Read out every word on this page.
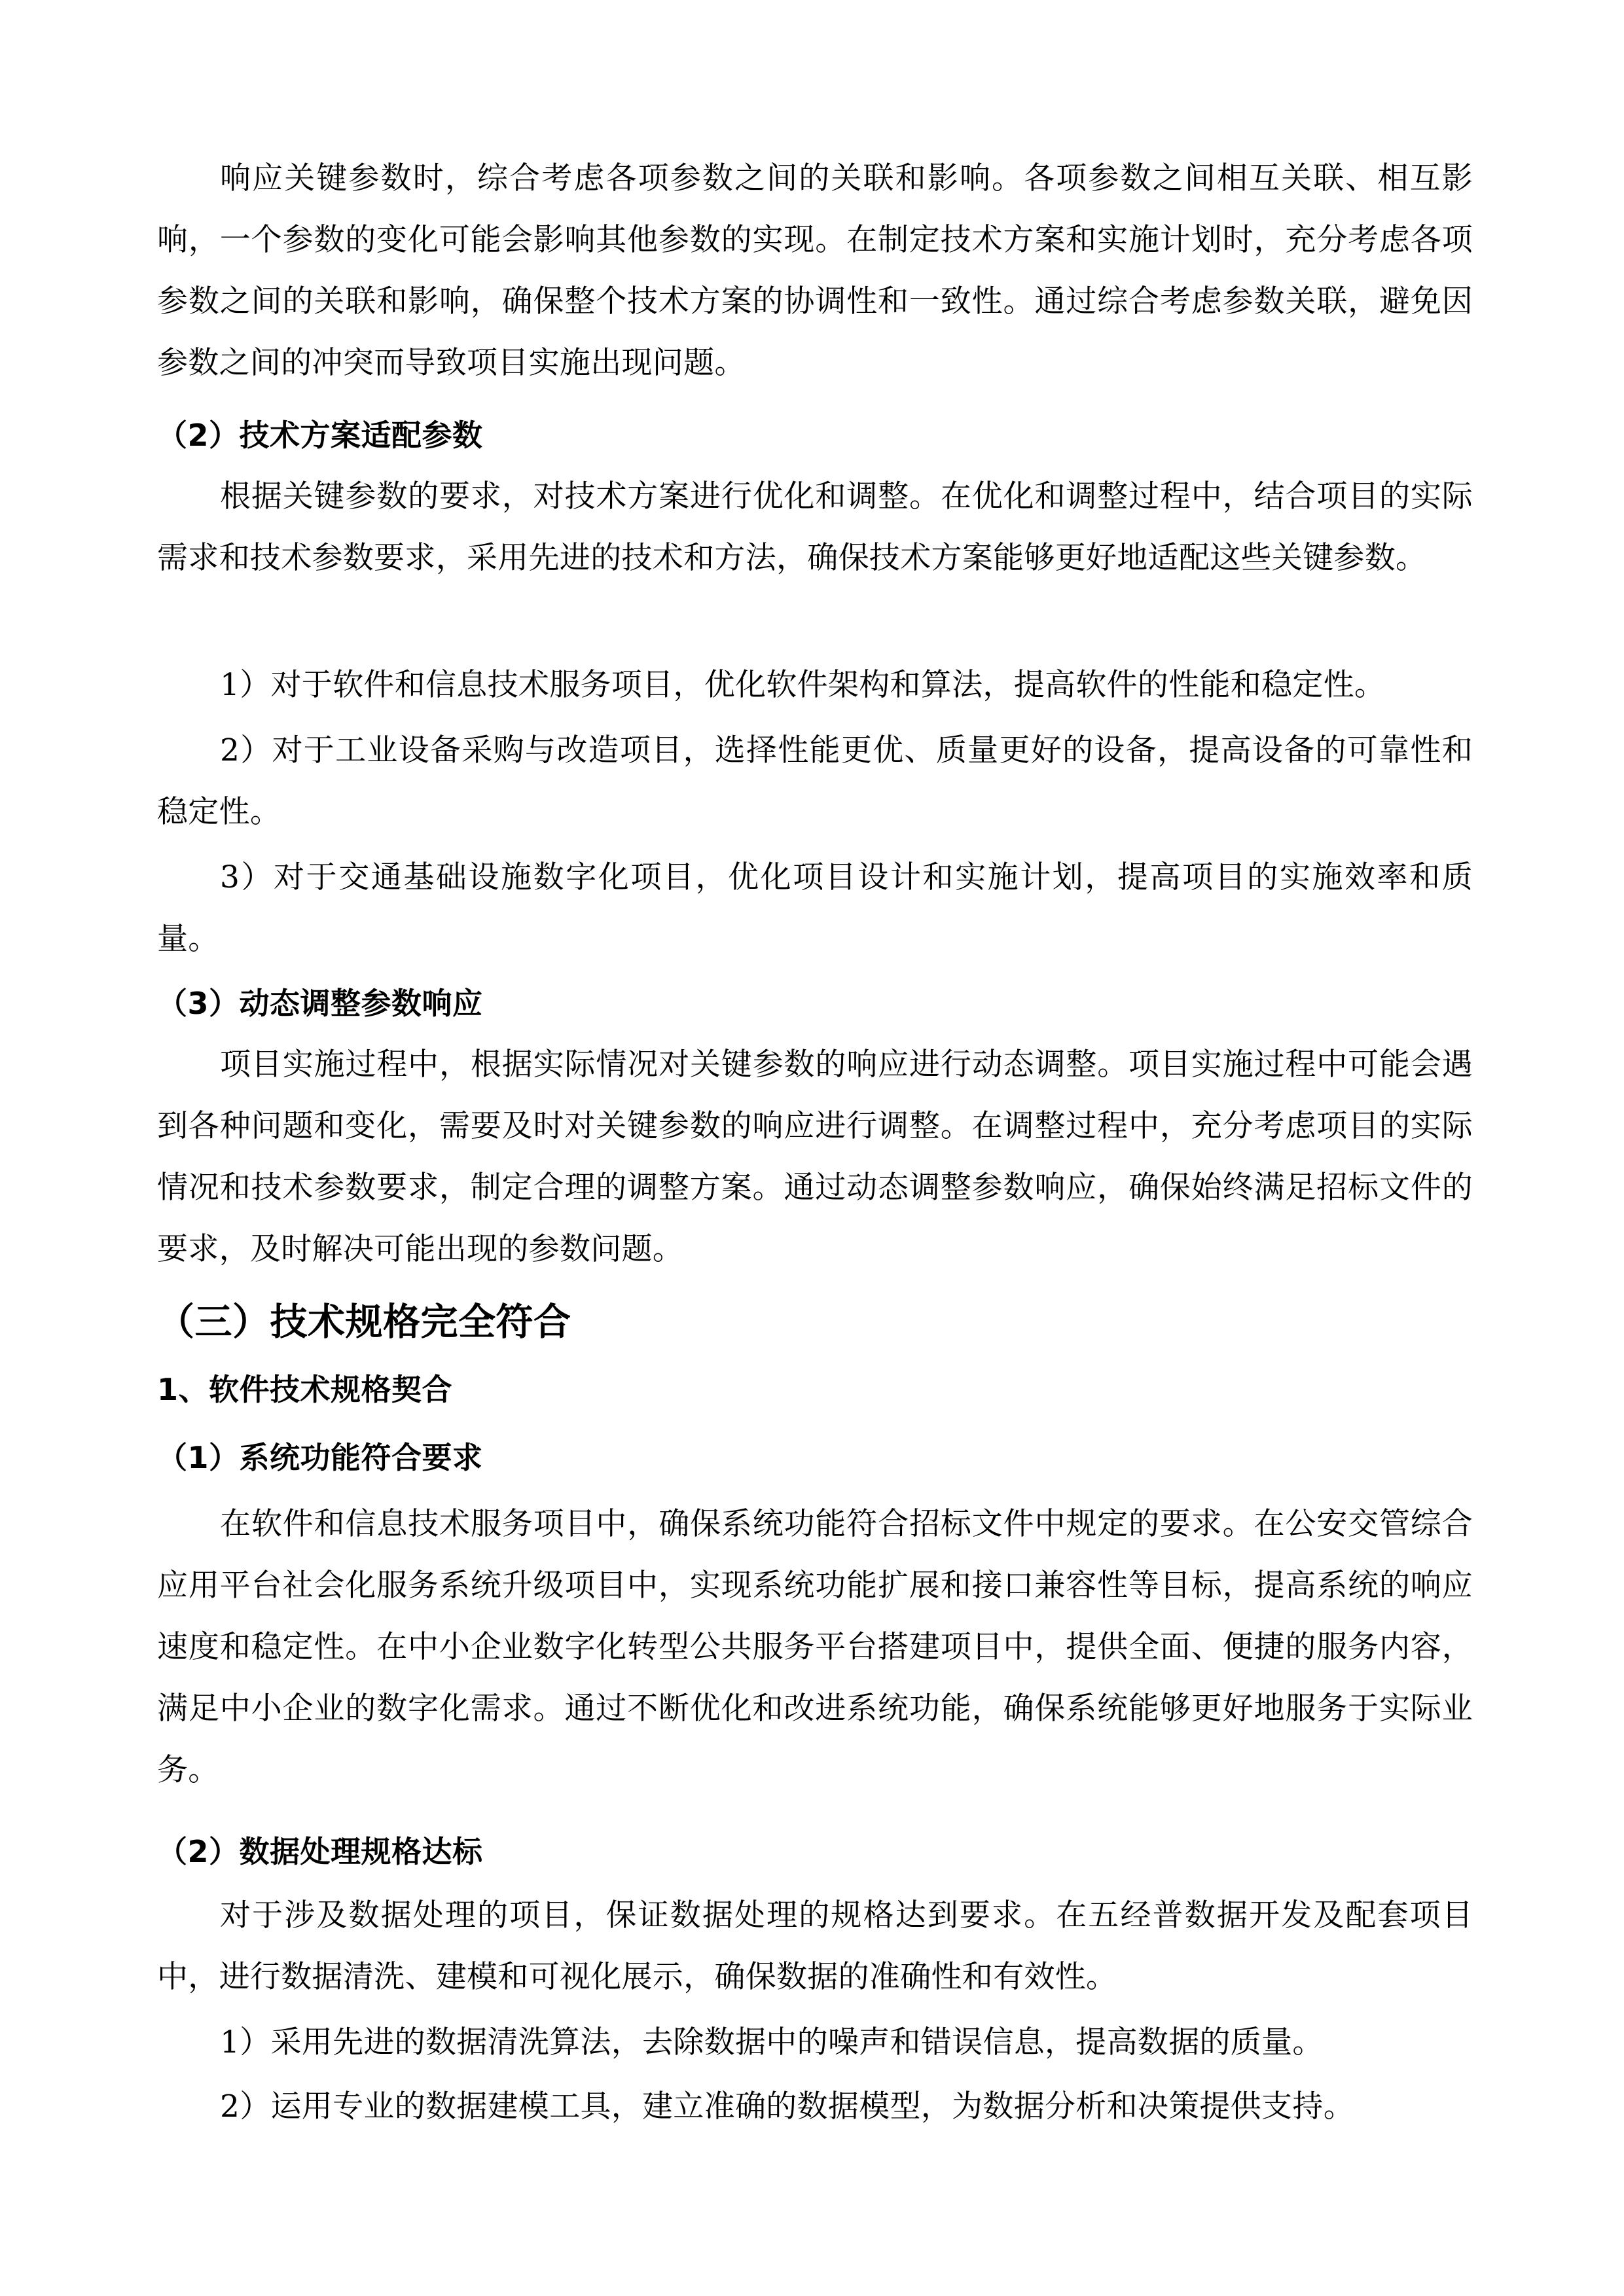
响应关键参数时，综合考虑各项参数之间的关联和影响。各项参数之间相互关联、相互影响，一个参数的变化可能会影响其他参数的实现。在制定技术方案和实施计划时，充分考虑各项参数之间的关联和影响，确保整个技术方案的协调性和一致性。通过综合考虑参数关联，避免因参数之间的冲突而导致项目实施出现问题。

（2）技术方案适配参数

根据关键参数的要求，对技术方案进行优化和调整。在优化和调整过程中，结合项目的实际需求和技术参数要求，采用先进的技术和方法，确保技术方案能够更好地适配这些关键参数。

1）对于软件和信息技术服务项目，优化软件架构和算法，提高软件的性能和稳定性。

2）对于工业设备采购与改造项目，选择性能更优、质量更好的设备，提高设备的可靠性和稳定性。

3）对于交通基础设施数字化项目，优化项目设计和实施计划，提高项目的实施效率和质量。

（3）动态调整参数响应

项目实施过程中，根据实际情况对关键参数的响应进行动态调整。项目实施过程中可能会遇到各种问题和变化，需要及时对关键参数的响应进行调整。在调整过程中，充分考虑项目的实际情况和技术参数要求，制定合理的调整方案。通过动态调整参数响应，确保始终满足招标文件的要求，及时解决可能出现的参数问题。

（三）技术规格完全符合
1、软件技术规格契合
（1）系统功能符合要求

在软件和信息技术服务项目中，确保系统功能符合招标文件中规定的要求。在公安交管综合应用平台社会化服务系统升级项目中，实现系统功能扩展和接口兼容性等目标，提高系统的响应速度和稳定性。在中小企业数字化转型公共服务平台搭建项目中，提供全面、便捷的服务内容，满足中小企业的数字化需求。通过不断优化和改进系统功能，确保系统能够更好地服务于实际业务。

（2）数据处理规格达标

对于涉及数据处理的项目，保证数据处理的规格达到要求。在五经普数据开发及配套项目中，进行数据清洗、建模和可视化展示，确保数据的准确性和有效性。

1）采用先进的数据清洗算法，去除数据中的噪声和错误信息，提高数据的质量。

2）运用专业的数据建模工具，建立准确的数据模型，为数据分析和决策提供支持。
